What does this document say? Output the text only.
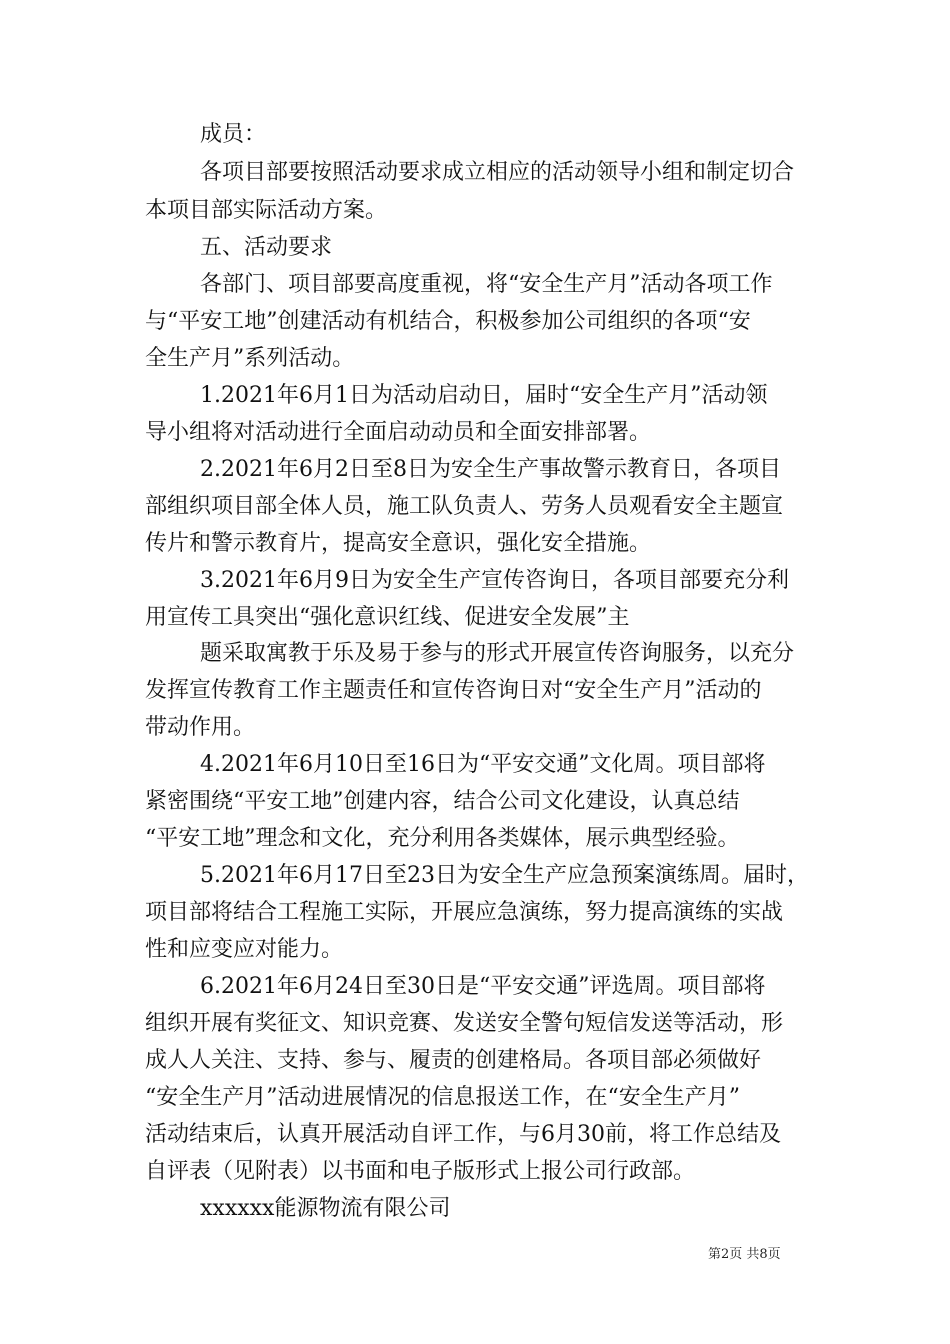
成员：
各项目部要按照活动要求成立相应的活动领导小组和制定切合
本项目部实际活动方案。
五、活动要求
各部门、项目部要高度重视，将“安全生产月”活动各项工作
与“平安工地”创建活动有机结合，积极参加公司组织的各项“安
全生产月”系列活动。
1.2021年6月1日为活动启动日，届时“安全生产月”活动领
导小组将对活动进行全面启动动员和全面安排部署。
2.2021年6月2日至8日为安全生产事故警示教育日，各项目
部组织项目部全体人员，施工队负责人、劳务人员观看安全主题宣
传片和警示教育片，提高安全意识，强化安全措施。
3.2021年6月9日为安全生产宣传咨询日，各项目部要充分利
用宣传工具突出“强化意识红线、促进安全发展”主
题采取寓教于乐及易于参与的形式开展宣传咨询服务，以充分
发挥宣传教育工作主题责任和宣传咨询日对“安全生产月”活动的
带动作用。
4.2021年6月10日至16日为“平安交通”文化周。项目部将
紧密围绕“平安工地”创建内容，结合公司文化建设，认真总结
“平安工地”理念和文化，充分利用各类媒体，展示典型经验。
5.2021年6月17日至23日为安全生产应急预案演练周。届时，
项目部将结合工程施工实际，开展应急演练，努力提高演练的实战
性和应变应对能力。
6.2021年6月24日至30日是“平安交通”评选周。项目部将
组织开展有奖征文、知识竞赛、发送安全警句短信发送等活动，形
成人人关注、支持、参与、履责的创建格局。各项目部必须做好
“安全生产月”活动进展情况的信息报送工作，在“安全生产月”
活动结束后，认真开展活动自评工作，与6月30前，将工作总结及
自评表（见附表）以书面和电子版形式上报公司行政部。
xxxxxx能源物流有限公司
第2页 共8页
